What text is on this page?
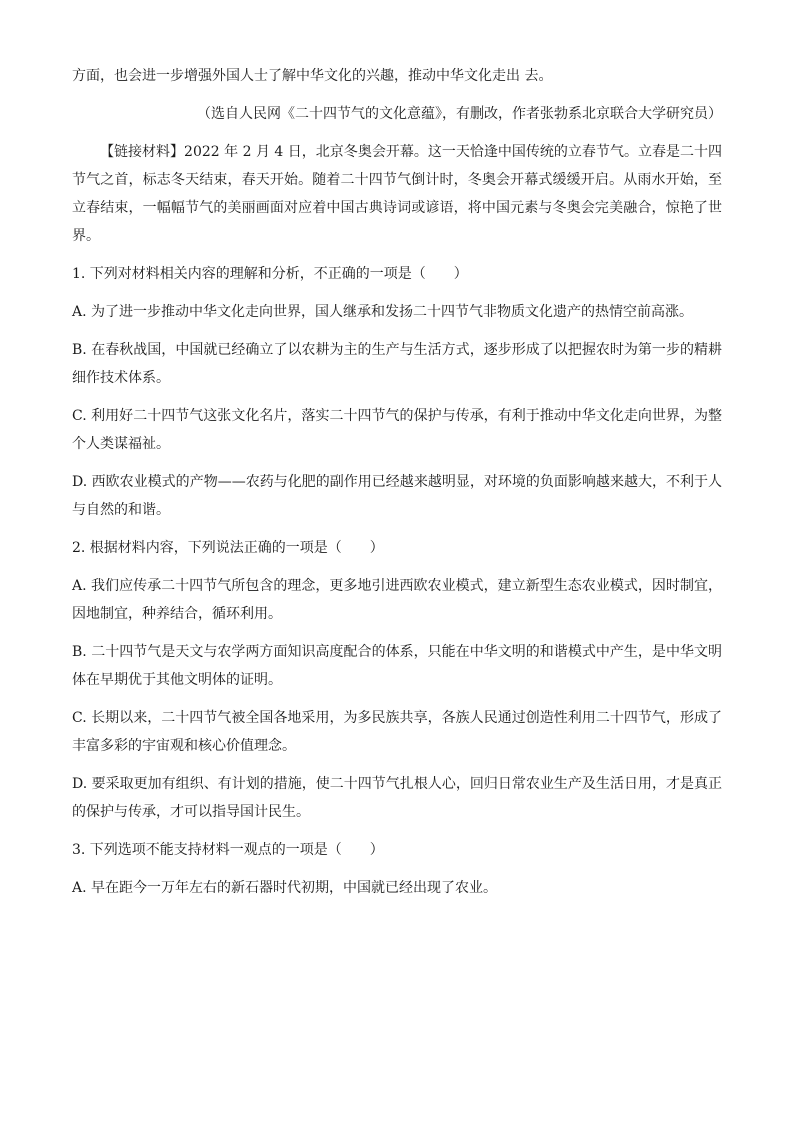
方面，也会进一步增强外国人士了解中华文化的兴趣，推动中华文化走出 去。

（选自人民网《二十四节气的文化意蕴》，有删改，作者张勃系北京联合大学研究员）

【链接材料】2022 年 2 月 4 日，北京冬奥会开幕。这一天恰逢中国传统的立春节气。立春是二十四节气之首，标志冬天结束，春天开始。随着二十四节气倒计时，冬奥会开幕式缓缓开启。从雨水开始，至立春结束，一幅幅节气的美丽画面对应着中国古典诗词或谚语，将中国元素与冬奥会完美融合，惊艳了世界。

1. 下列对材料相关内容的理解和分析，不正确的一项是（　　）

A. 为了进一步推动中华文化走向世界，国人继承和发扬二十四节气非物质文化遗产的热情空前高涨。

B. 在春秋战国，中国就已经确立了以农耕为主的生产与生活方式，逐步形成了以把握农时为第一步的精耕细作技术体系。

C. 利用好二十四节气这张文化名片，落实二十四节气的保护与传承，有利于推动中华文化走向世界，为整个人类谋福祉。

D. 西欧农业模式的产物——农药与化肥的副作用已经越来越明显，对环境的负面影响越来越大，不利于人与自然的和谐。

2. 根据材料内容，下列说法正确的一项是（　　）

A. 我们应传承二十四节气所包含的理念，更多地引进西欧农业模式，建立新型生态农业模式，因时制宜，因地制宜，种养结合，循环利用。

B. 二十四节气是天文与农学两方面知识高度配合的体系，只能在中华文明的和谐模式中产生，是中华文明体在早期优于其他文明体的证明。

C. 长期以来，二十四节气被全国各地采用，为多民族共享，各族人民通过创造性利用二十四节气，形成了丰富多彩的宇宙观和核心价值理念。

D. 要采取更加有组织、有计划的措施，使二十四节气扎根人心，回归日常农业生产及生活日用，才是真正的保护与传承，才可以指导国计民生。

3. 下列选项不能支持材料一观点的一项是（　　）

A. 早在距今一万年左右的新石器时代初期，中国就已经出现了农业。
